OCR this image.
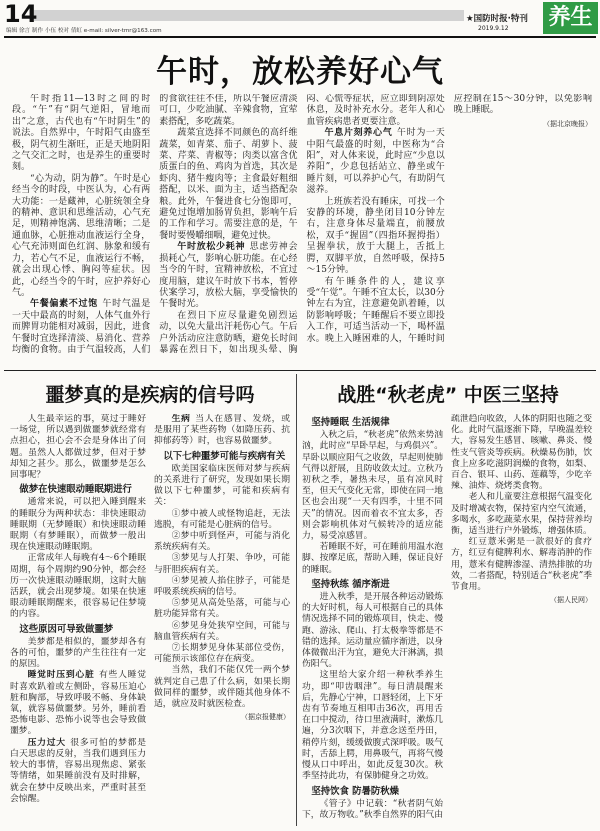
14
编辑 徐言 制作 小伍 校对 倩虹 e-mail: silver-tmr@163.com
★国防时报·特刊
2019.9.12 养生
午时，放松养好心气

午时指11—13时之间的时段。“午”有“阴气逆阳，冒地而出”之意，古代也有“午时阴生”的说法。自然界中，午时阳气由盛至极，阴气初生渐旺，正是天地阴阳之气交汇之时，也是养生的重要时刻。

“心为动，阴为静”。午时是心经当令的时段，中医认为，心有两大功能：一是藏神，心脏统领全身的精神、意识和思维活动，心气充足，则精神饱满、思维清晰；二是通血脉，心脏推动血液运行全身，心气充沛则面色红润、脉象和缓有力，若心气不足，血液运行不畅，就会出现心悸、胸闷等症状。因此，心经当令的午时，应护养好心气。

午餐偏素不过饱 午时气温是一天中最高的时刻，人体气血外行而脾胃功能相对减弱，因此，进食午餐时宜选择清淡、易消化、营养均衡的食物。由于气温较高，人们的食欲往往不佳，所以午餐应清淡可口，少吃油腻、辛辣食物，宜荤素搭配，多吃蔬菜。

蔬菜宜选择不同颜色的高纤维蔬菜，如青菜、茄子、胡萝卜、菠菜、芹菜、青椒等；肉类以富含优质蛋白的鱼、鸡肉为首选，其次是虾肉、猪牛瘦肉等；主食最好粗细搭配，以米、面为主，适当搭配杂粮。此外，午餐进食七分饱即可，避免过饱增加肠胃负担，影响午后的工作和学习。需要注意的是，午餐时要慢嚼细咽，避免过快。

午时放松少耗神 思虑劳神会损耗心气，影响心脏功能。在心经当令的午时，宜精神放松，不宜过度用脑，建议午时放下书本，暂停伏案学习，放松大脑，享受愉快的午餐时光。

在烈日下应尽量避免剧烈运动，以免大量出汗耗伤心气。午后户外活动应注意防晒，避免长时间暴露在烈日下，如出现头晕、胸闷、心慌等症状，应立即到阴凉处休息，及时补充水分。老年人和心血管疾病患者更要注意。

午息片刻养心气 午时为一天中阳气最盛的时刻，中医称为“合阳”，对人体来说，此时应“少息以养阳”，少息包括站立、静坐或午睡片刻，可以养护心气，有助阴气滋养。

上班族若没有睡床，可找一个安静的环境，静坐闭目10分钟左右，注意身体尽量端直，前腰放松，双手“握固”（四指环握拇指）呈握拳状，放于大腿上，舌抵上腭，双脚平放，自然呼吸，保持5～15分钟。

有午睡条件的人，建议享受“午觉”。午睡不宜太长，以30分钟左右为宜，注意避免趴着睡，以防影响呼吸；午睡醒后不要立即投入工作，可适当活动一下，喝杯温水。晚上入睡困难的人，午睡时间应控制在15～30分钟，以免影响晚上睡眠。

（据北京晚报）
噩梦真的是疾病的信号吗

人生最幸运的事，莫过于睡好一场觉，所以遇到做噩梦就经常有点担心，担心会不会是身体出了问题。虽然人人都做过梦，但对于梦却知之甚少。那么，做噩梦是怎么回事呢？

做梦在快速眼动睡眠期进行

通常来说，可以把入睡到醒来的睡眠分为两种状态：非快速眼动睡眠期（无梦睡眠）和快速眼动睡眠期（有梦睡眠），而做梦一般出现在快速眼动睡眠期。

正常成年人每晚有4～6个睡眠周期，每个周期约90分钟，都会经历一次快速眼动睡眠期，这时大脑活跃，就会出现梦境。如果在快速眼动睡眠期醒来，很容易记住梦境的内容。

这些原因可导致做噩梦

美梦都是相似的，噩梦却各有各的可怕，噩梦的产生往往有一定的原因。

睡觉时压到心脏 有些人睡觉时喜欢趴着或左侧卧，容易压迫心脏和胸部，导致呼吸不畅、身体缺氧，就容易做噩梦。另外，睡前看恐怖电影、恐怖小说等也会导致做噩梦。

压力过大 很多可怕的梦都是白天思虑的反射，当我们遇到压力较大的事情，容易出现焦虑、紧张等情绪，如果睡前没有及时排解，就会在梦中反映出来，严重时甚至会惊醒。

生病 当人在感冒、发烧，或是服用了某些药物（如降压药、抗抑郁药等）时，也容易做噩梦。

以下七种噩梦可能与疾病有关

欧美国家临床医师对梦与疾病的关系进行了研究，发现如果长期做以下七种噩梦，可能和疾病有关：

①梦中被人或怪物追赶，无法逃脱，有可能是心脏病的信号。

②梦中听到怪声，可能与消化系统疾病有关。

③梦见与人打架、争吵，可能与肝胆疾病有关。

④梦见被人掐住脖子，可能是呼吸系统疾病的信号。

⑤梦见从高处坠落，可能与心脏功能异常有关。

⑥梦见身处狭窄空间，可能与脑血管疾病有关。

⑦长期梦见身体某部位受伤，可能预示该部位存在病变。

当然，我们不能仅凭一两个梦就判定自己患了什么病，如果长期做同样的噩梦，或伴随其他身体不适，就应及时就医检查。

（据京报健康）
战胜“秋老虎” 中医三坚持
坚持睡眠 生活规律

入秋之后，“秋老虎”依然来势汹汹，此时应“早卧早起，与鸡俱兴”。早卧以顺应阳气之收敛，早起则使肺气得以舒展，且防收敛太过。立秋乃初秋之季，暑热未尽，虽有凉风时至，但天气变化无常，即使在同一地区也会出现“一天有四季，十里不同天”的情况。因而着衣不宜太多，否则会影响机体对气候转冷的适应能力，易受凉感冒。

若睡眠不好，可在睡前用温水泡脚、按摩足底，帮助入睡，保证良好的睡眠。

坚持秋练 循序渐进

进入秋季，是开展各种运动锻炼的大好时机，每人可根据自己的具体情况选择不同的锻炼项目，快走、慢跑、游泳、爬山、打太极拳等都是不错的选择。运动量应循序渐进，以身体微微出汗为宜，避免大汗淋漓，损伤阳气。

这里给大家介绍一种秋季养生功，即“叩齿咽津”。每日清晨醒来后，先静心宁神，口唇轻闭，上下牙齿有节奏地互相叩击36次，再用舌在口中搅动，待口里液满时，漱炼几遍，分3次咽下，并意念送至丹田，稍停片刻，缓缓做腹式深呼吸。吸气时，舌舔上腭，用鼻吸气，再将气慢慢从口中呼出，如此反复30次。秋季坚持此功，有保肺健身之功效。

坚持饮食 防暑防秋燥

《管子》中记载：“秋者阴气始下，故万物收。”秋季自然界的阳气由疏泄趋向收敛，人体的阴阳也随之变化。此时气温逐渐下降，早晚温差较大，容易发生感冒、咳嗽、鼻炎、慢性支气管炎等疾病。秋燥易伤肺，饮食上应多吃滋阴润燥的食物，如梨、百合、银耳、山药、莲藕等，少吃辛辣、油炸、烧烤类食物。

老人和儿童要注意根据气温变化及时增减衣物，保持室内空气流通，多喝水，多吃蔬菜水果，保持营养均衡，适当进行户外锻炼，增强体质。

红豆薏米粥是一款很好的食疗方，红豆有健脾利水、解毒消肿的作用，薏米有健脾渗湿、清热排脓的功效，二者搭配，特别适合“秋老虎”季节食用。

（据人民网）
